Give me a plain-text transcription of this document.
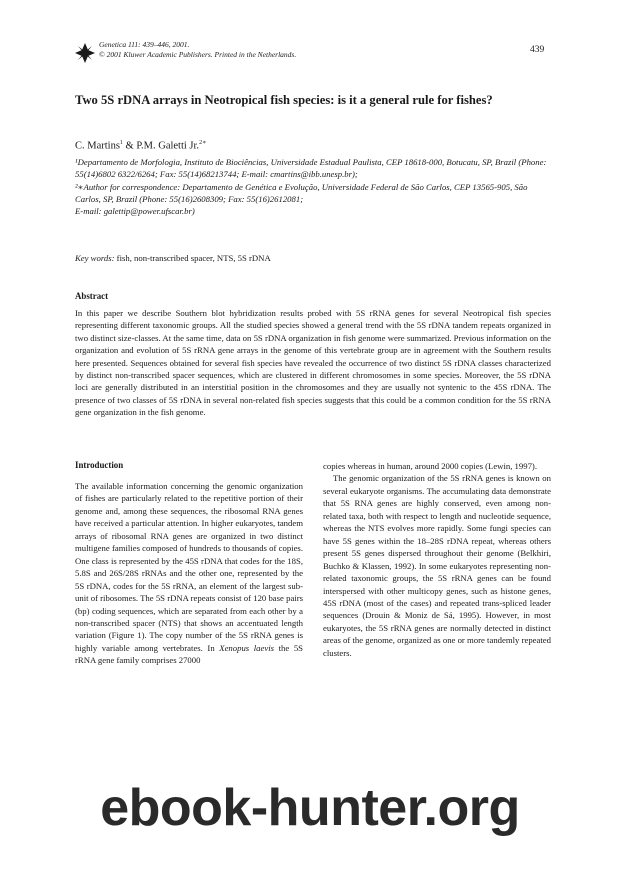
Genetica 111: 439–446, 2001.
© 2001 Kluwer Academic Publishers. Printed in the Netherlands.	439
Two 5S rDNA arrays in Neotropical fish species: is it a general rule for fishes?
C. Martins$^1$ & P.M. Galetti Jr.$^{2∗}$
¹Departamento de Morfologia, Instituto de Biociências, Universidade Estadual Paulista, CEP 18618-000, Botucatu, SP, Brazil (Phone: 55(14)6802 6322/6264; Fax: 55(14)68213744; E-mail: cmartins@ibb.unesp.br);
²∗Author for correspondence: Departamento de Genética e Evolução, Universidade Federal de São Carlos, CEP 13565-905, São Carlos, SP, Brazil (Phone: 55(16)2608309; Fax: 55(16)2612081;
E-mail: galettip@power.ufscar.br)
Key words: fish, non-transcribed spacer, NTS, 5S rDNA
Abstract
In this paper we describe Southern blot hybridization results probed with 5S rRNA genes for several Neotropical fish species representing different taxonomic groups. All the studied species showed a general trend with the 5S rDNA tandem repeats organized in two distinct size-classes. At the same time, data on 5S rDNA organization in fish genome were summarized. Previous information on the organization and evolution of 5S rRNA gene arrays in the genome of this vertebrate group are in agreement with the Southern results here presented. Sequences obtained for several fish species have revealed the occurrence of two distinct 5S rDNA classes characterized by distinct non-transcribed spacer sequences, which are clustered in different chromosomes in some species. Moreover, the 5S rDNA loci are generally distributed in an interstitial position in the chromosomes and they are usually not syntenic to the 45S rDNA. The presence of two classes of 5S rDNA in several non-related fish species suggests that this could be a common condition for the 5S rRNA gene organization in the fish genome.
Introduction

The available information concerning the genomic organization of fishes are particularly related to the repetitive portion of their genome and, among these sequences, the ribosomal RNA genes have received a particular attention. In higher eukaryotes, tandem arrays of ribosomal RNA genes are organized in two distinct multigene families composed of hundreds to thousands of copies. One class is represented by the 45S rDNA that codes for the 18S, 5.8S and 26S/28S rRNAs and the other one, represented by the 5S rDNA, codes for the 5S rRNA, an element of the largest sub-unit of ribosomes. The 5S rDNA repeats consist of 120 base pairs (bp) coding sequences, which are separated from each other by a non-transcribed spacer (NTS) that shows an accentuated length variation (Figure 1). The copy number of the 5S rRNA genes is highly variable among vertebrates. In Xenopus laevis the 5S rRNA gene family comprises 27000

copies whereas in human, around 2000 copies (Lewin, 1997).

The genomic organization of the 5S rRNA genes is known on several eukaryote organisms. The accumulating data demonstrate that 5S RNA genes are highly conserved, even among non-related taxa, both with respect to length and nucleotide sequence, whereas the NTS evolves more rapidly. Some fungi species can have 5S genes within the 18–28S rDNA repeat, whereas others present 5S genes dispersed throughout their genome (Belkhiri, Buchko & Klassen, 1992). In some eukaryotes representing non-related taxonomic groups, the 5S rRNA genes can be found interspersed with other multicopy genes, such as histone genes, 45S rDNA (most of the cases) and repeated trans-spliced leader sequences (Drouin & Moniz de Sá, 1995). However, in most eukaryotes, the 5S rRNA genes are normally detected in distinct areas of the genome, organized as one or more tandemly repeated clusters.

ebook-hunter.org
